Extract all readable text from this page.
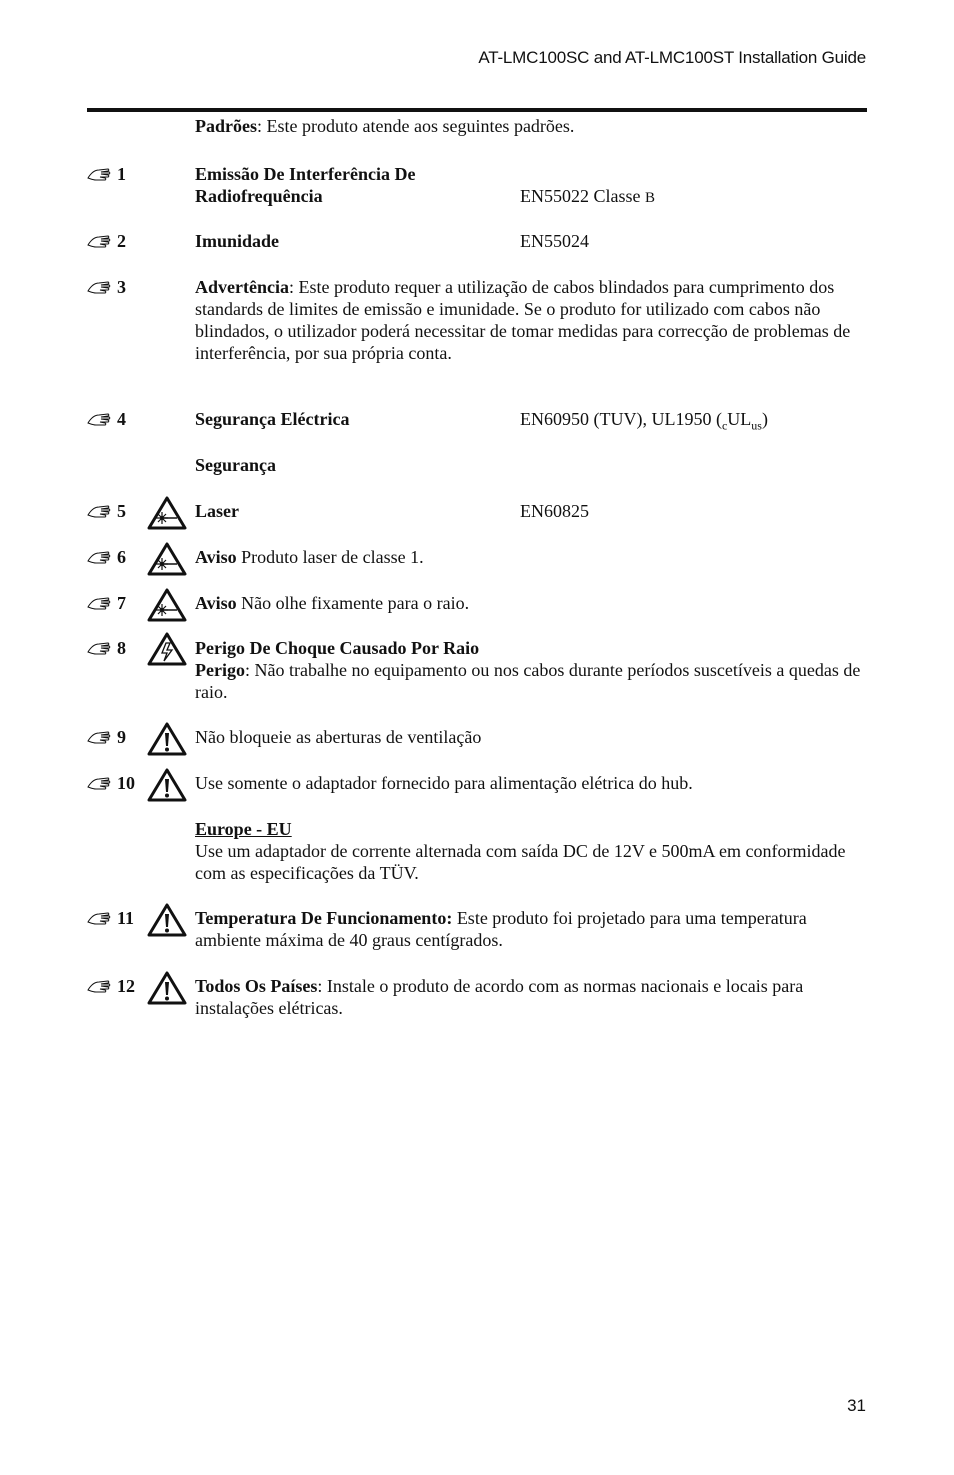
AT-LMC100SC and AT-LMC100ST Installation Guide
Padrões: Este produto atende aos seguintes padrões.
1	Emissão De Interferência De
Radiofrequência	EN55022 Classe B
2	Imunidade	EN55024
3	Advertência: Este produto requer a utilização de cabos blindados para cumprimento dos standards de limites de emissão e imunidade. Se o produto for utilizado com cabos não blindados, o utilizador poderá necessitar de tomar medidas para correcção de problemas de interferência, por sua própria conta.
4	Segurança Eléctrica	EN60950 (TUV), UL1950 $(_cUL_{us})$
Segurança
5	Laser	EN60825
6	Aviso Produto laser de classe 1.
7	Aviso Não olhe fixamente para o raio.
8	Perigo De Choque Causado Por Raio
Perigo: Não trabalhe no equipamento ou nos cabos durante períodos suscetíveis a quedas de raio.
9	Não bloqueie as aberturas de ventilação
10	Use somente o adaptador fornecido para alimentação elétrica do hub.
Europe - EU
Use um adaptador de corrente alternada com saída DC de 12V e 500mA em conformidade com as especificações da TÜV.
11	Temperatura De Funcionamento: Este produto foi projetado para uma temperatura ambiente máxima de 40 graus centígrados.
12	Todos Os Países: Instale o produto de acordo com as normas nacionais e locais para instalações elétricas.
31
